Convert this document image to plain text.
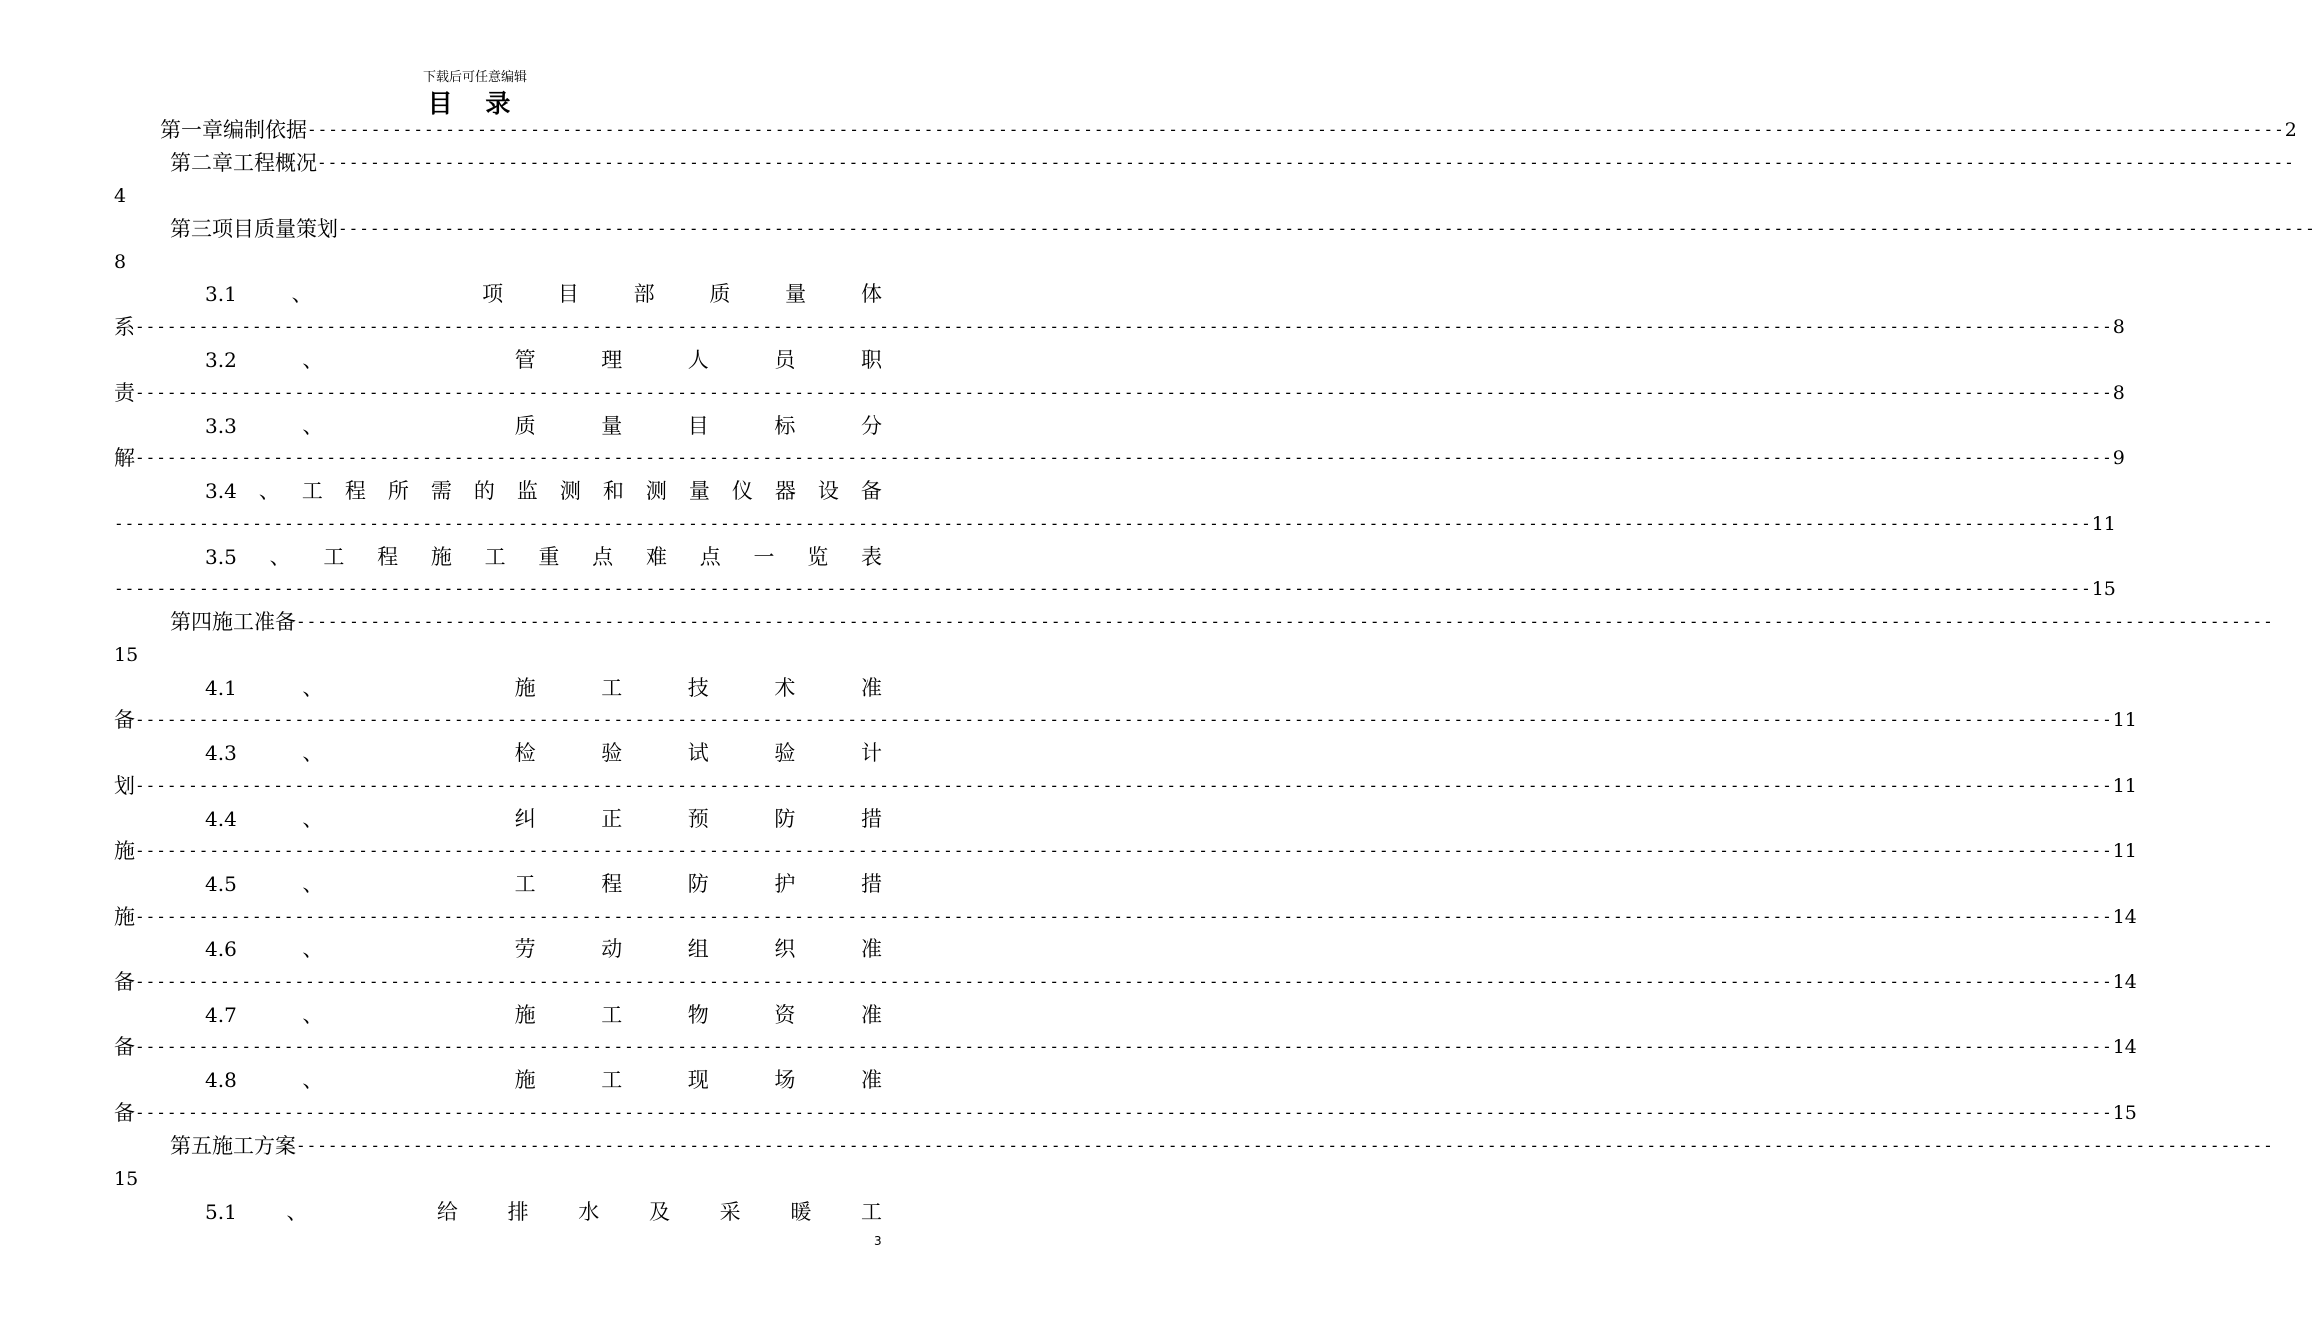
下载后可任意编辑
目 录
第一章编制依据 ------------------------------------------------------------------------------------------------------------------------------------------------------------------------------------------ 2
第二章工程概况 ------------------------------------------------------------------------------------------------------------------------------------------------------------------------------------------
4
第三项目质量策划 ------------------------------------------------------------------------------------------------------------------------------------------------------------------------------------------
8
3.1	、	项	目	部	质	量	体
系 ------------------------------------------------------------------------------------------------------------------------------------------------------------------------------------------ 8
3.2	、	管	理	人	员	职
责 ------------------------------------------------------------------------------------------------------------------------------------------------------------------------------------------ 8
3.3	、	质	量	目	标	分
解 ------------------------------------------------------------------------------------------------------------------------------------------------------------------------------------------ 9
3.4 、 工 程 所 需 的 监 测 和 测 量 仪 器 设 备
------------------------------------------------------------------------------------------------------------------------------------------------------------------------------------------ 11
3.5 、 工 程 施 工 重 点 难 点 一 览 表
------------------------------------------------------------------------------------------------------------------------------------------------------------------------------------------ 15
第四施工准备 ------------------------------------------------------------------------------------------------------------------------------------------------------------------------------------------
15
4.1	、	施	工	技	术	准
备 ------------------------------------------------------------------------------------------------------------------------------------------------------------------------------------------ 11
4.3	、	检	验	试	验	计
划 ------------------------------------------------------------------------------------------------------------------------------------------------------------------------------------------ 11
4.4	、	纠	正	预	防	措
施 ------------------------------------------------------------------------------------------------------------------------------------------------------------------------------------------ 11
4.5	、	工	程	防	护	措
施 ------------------------------------------------------------------------------------------------------------------------------------------------------------------------------------------ 14
4.6	、	劳	动	组	织	准
备 ------------------------------------------------------------------------------------------------------------------------------------------------------------------------------------------ 14
4.7	、	施	工	物	资	准
备 ------------------------------------------------------------------------------------------------------------------------------------------------------------------------------------------ 14
4.8	、	施	工	现	场	准
备 ------------------------------------------------------------------------------------------------------------------------------------------------------------------------------------------ 15
第五施工方案 ------------------------------------------------------------------------------------------------------------------------------------------------------------------------------------------
15
5.1 、	给 排 水 及 采 暖 工
3
